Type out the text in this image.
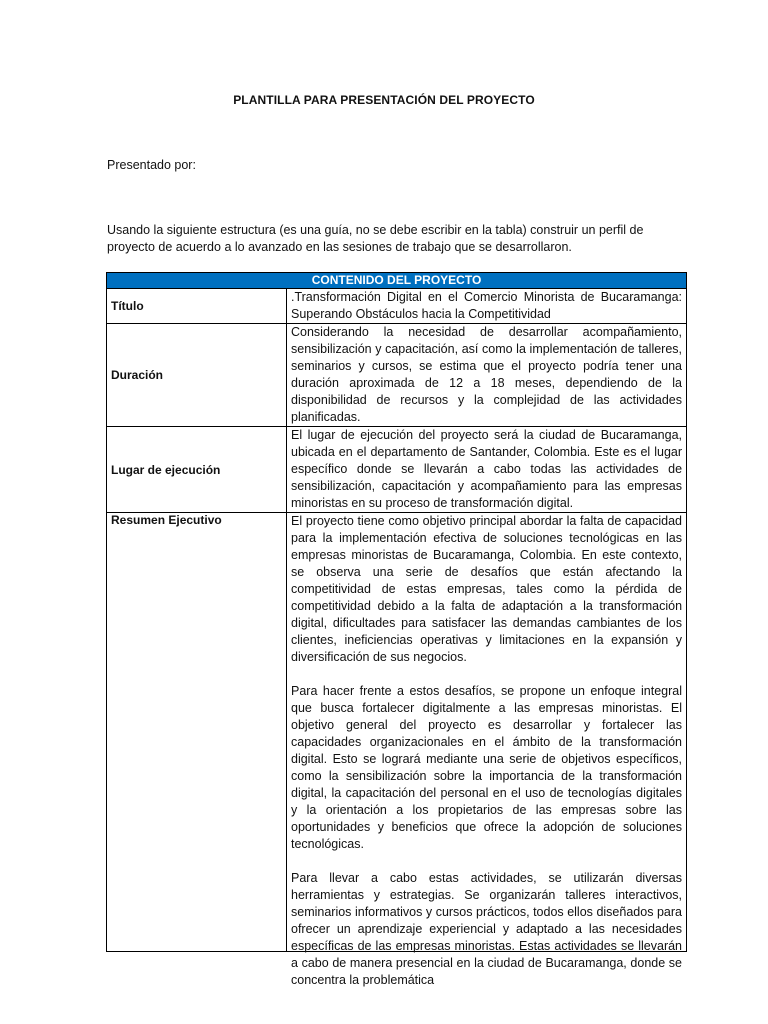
PLANTILLA PARA PRESENTACIÓN DEL PROYECTO
Presentado por:
Usando la siguiente estructura (es una guía, no se debe escribir en la tabla) construir un perfil de proyecto de acuerdo a lo avanzado en las sesiones de trabajo que se desarrollaron.
CONTENIDO DEL PROYECTO	
Título	.Transformación Digital en el Comercio Minorista de Bucaramanga: Superando Obstáculos hacia la Competitividad
Duración	Considerando la necesidad de desarrollar acompañamiento, sensibilización y capacitación, así como la implementación de talleres, seminarios y cursos, se estima que el proyecto podría tener una duración aproximada de 12 a 18 meses, dependiendo de la disponibilidad de recursos y la complejidad de las actividades planificadas.
Lugar de ejecución	El lugar de ejecución del proyecto será la ciudad de Bucaramanga, ubicada en el departamento de Santander, Colombia. Este es el lugar específico donde se llevarán a cabo todas las actividades de sensibilización, capacitación y acompañamiento para las empresas minoristas en su proceso de transformación digital.
Resumen Ejecutivo	El proyecto tiene como objetivo principal abordar la falta de capacidad para la implementación efectiva de soluciones tecnológicas en las empresas minoristas de Bucaramanga, Colombia. En este contexto, se observa una serie de desafíos que están afectando la competitividad de estas empresas, tales como la pérdida de competitividad debido a la falta de adaptación a la transformación digital, dificultades para satisfacer las demandas cambiantes de los clientes, ineficiencias operativas y limitaciones en la expansión y diversificación de sus negocios.

Para hacer frente a estos desafíos, se propone un enfoque integral que busca fortalecer digitalmente a las empresas minoristas. El objetivo general del proyecto es desarrollar y fortalecer las capacidades organizacionales en el ámbito de la transformación digital. Esto se logrará mediante una serie de objetivos específicos, como la sensibilización sobre la importancia de la transformación digital, la capacitación del personal en el uso de tecnologías digitales y la orientación a los propietarios de las empresas sobre las oportunidades y beneficios que ofrece la adopción de soluciones tecnológicas.

Para llevar a cabo estas actividades, se utilizarán diversas herramientas y estrategias. Se organizarán talleres interactivos, seminarios informativos y cursos prácticos, todos ellos diseñados para ofrecer un aprendizaje experiencial y adaptado a las necesidades específicas de las empresas minoristas. Estas actividades se llevarán a cabo de manera presencial en la ciudad de Bucaramanga, donde se concentra la problemática
